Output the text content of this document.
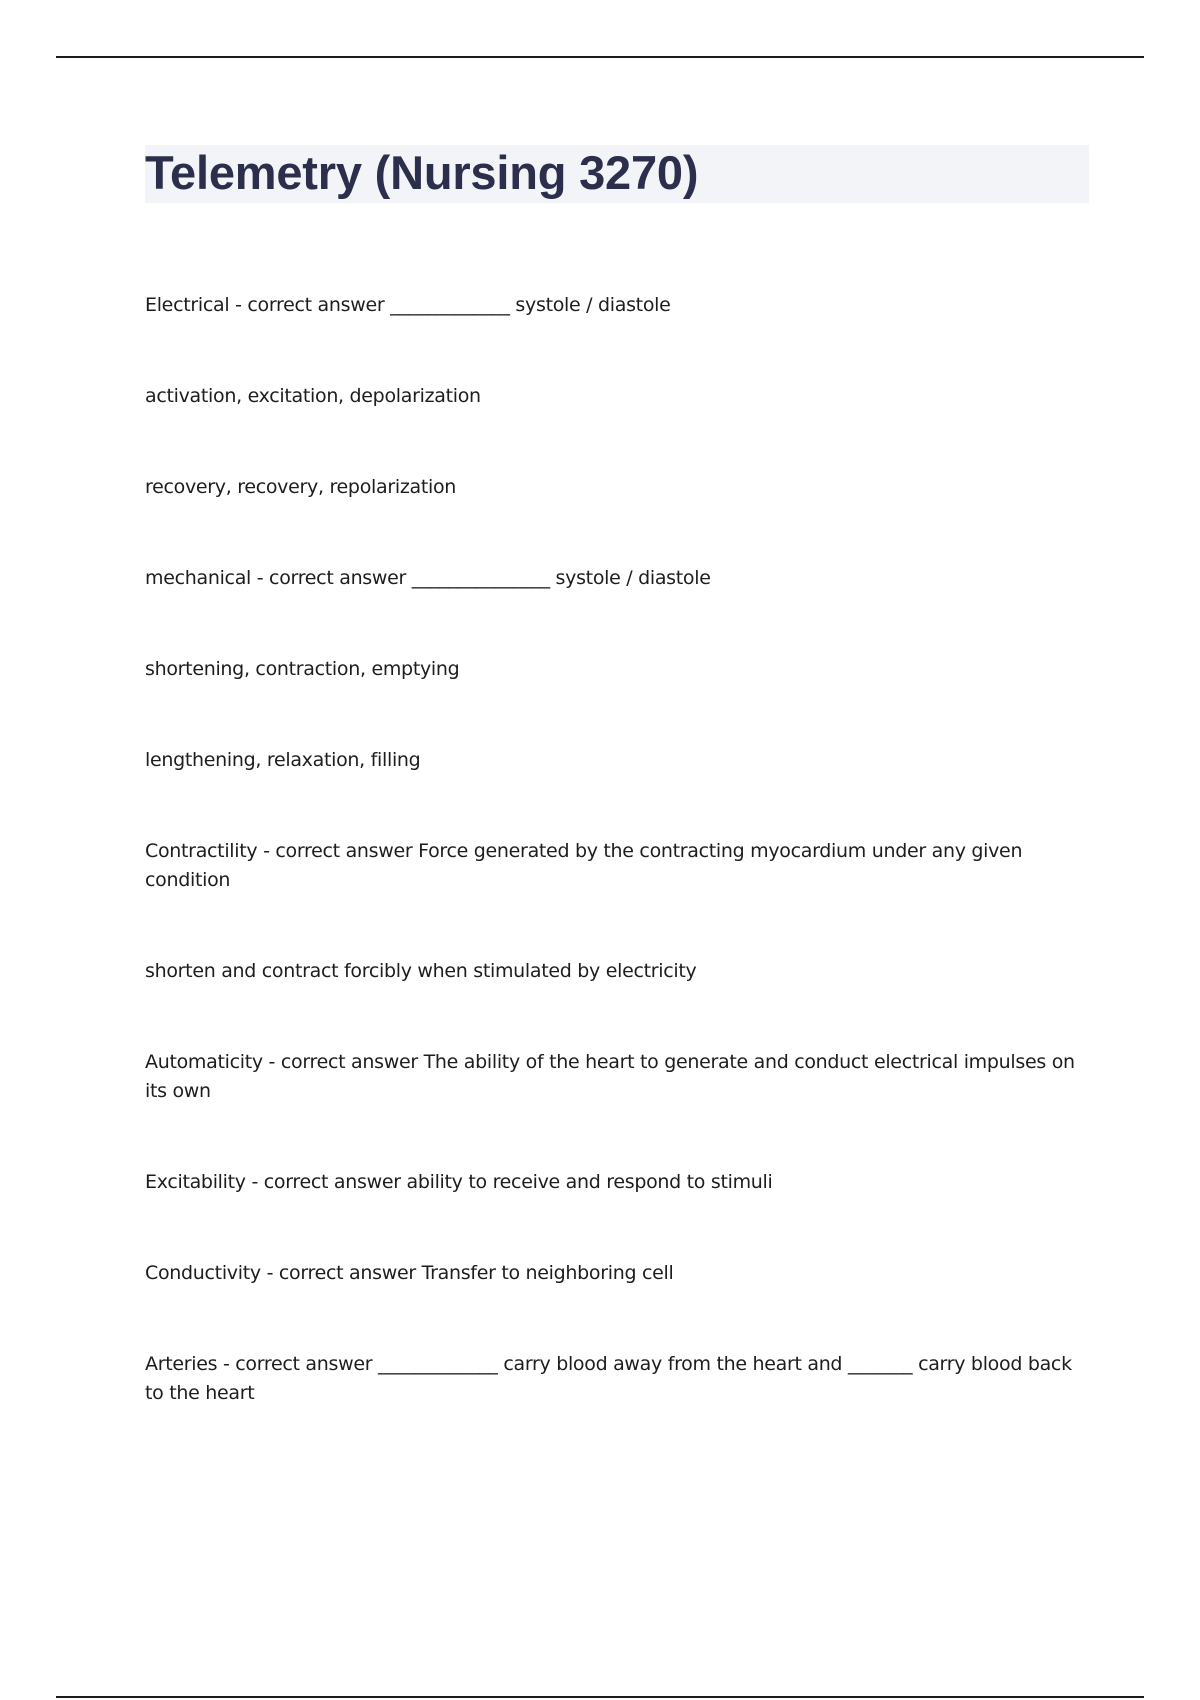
Telemetry (Nursing 3270)
Electrical - correct answer _____________ systole / diastole
activation, excitation, depolarization
recovery, recovery, repolarization
mechanical - correct answer _______________ systole / diastole
shortening, contraction, emptying
lengthening, relaxation, filling
Contractility - correct answer Force generated by the contracting myocardium under any given condition
shorten and contract forcibly when stimulated by electricity
Automaticity - correct answer The ability of the heart to generate and conduct electrical impulses on its own
Excitability - correct answer ability to receive and respond to stimuli
Conductivity - correct answer Transfer to neighboring cell
Arteries - correct answer _____________ carry blood away from the heart and _______ carry blood back to the heart
